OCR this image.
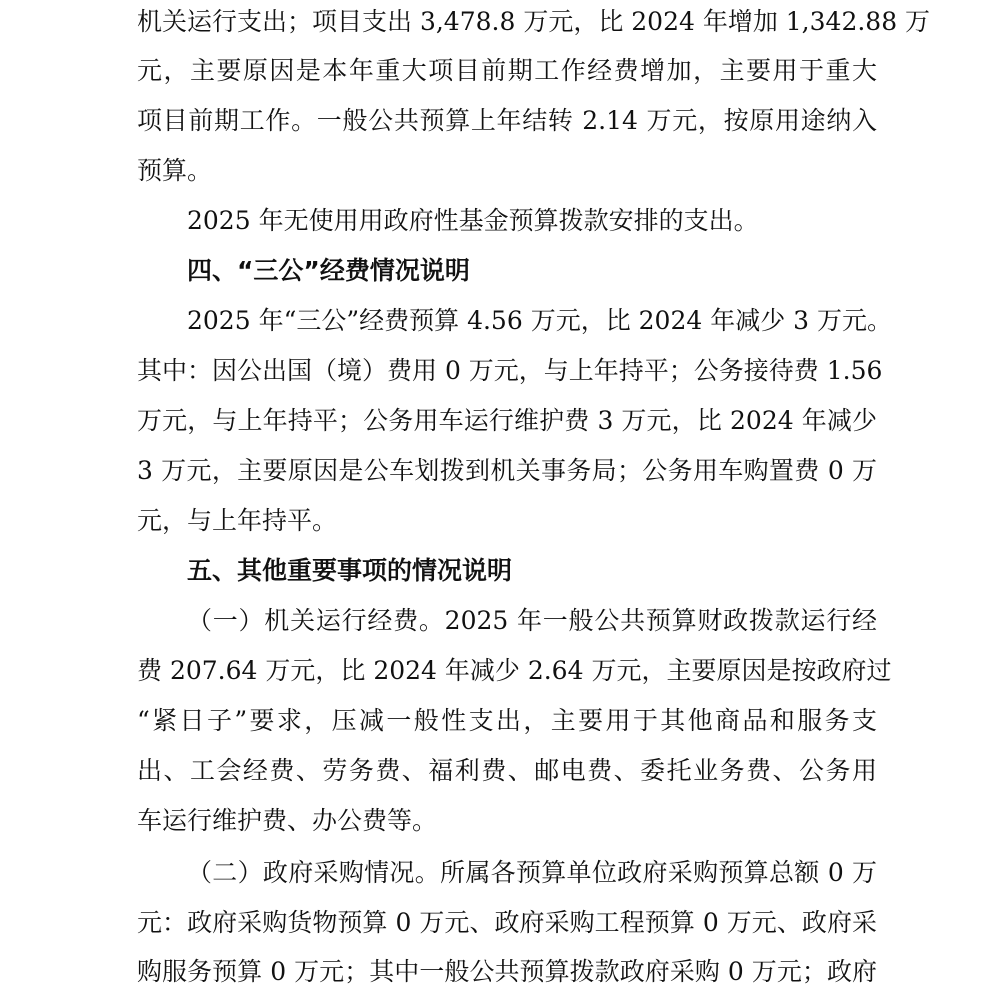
机关运行支出；项目支出 3,478.8 万元，比 2024 年增加 1,342.88 万
元，主要原因是本年重大项目前期工作经费增加，主要用于重大
项目前期工作。一般公共预算上年结转 2.14 万元，按原用途纳入
预算。
2025 年无使用用政府性基金预算拨款安排的支出。
四、“三公”经费情况说明
2025 年“三公”经费预算 4.56 万元，比 2024 年减少 3 万元。
其中：因公出国（境）费用 0 万元，与上年持平；公务接待费 1.56
万元，与上年持平；公务用车运行维护费 3 万元，比 2024 年减少
3 万元，主要原因是公车划拨到机关事务局；公务用车购置费 0 万
元，与上年持平。
五、其他重要事项的情况说明
（一）机关运行经费。2025 年一般公共预算财政拨款运行经
费 207.64 万元，比 2024 年减少 2.64 万元，主要原因是按政府过
“紧日子”要求，压减一般性支出，主要用于其他商品和服务支
出、工会经费、劳务费、福利费、邮电费、委托业务费、公务用
车运行维护费、办公费等。
（二）政府采购情况。所属各预算单位政府采购预算总额 0 万
元：政府采购货物预算 0 万元、政府采购工程预算 0 万元、政府采
购服务预算 0 万元；其中一般公共预算拨款政府采购 0 万元；政府
